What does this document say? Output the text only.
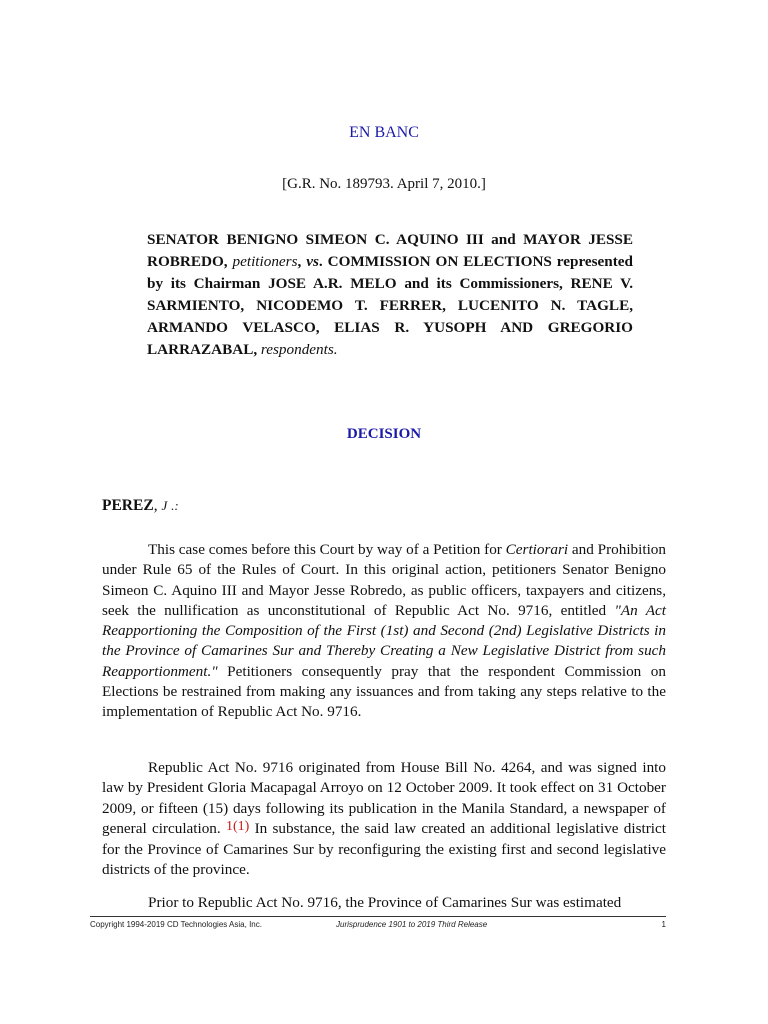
EN BANC
[G.R. No. 189793. April 7, 2010.]
SENATOR BENIGNO SIMEON C. AQUINO III and MAYOR JESSE ROBREDO, petitioners, vs. COMMISSION ON ELECTIONS represented by its Chairman JOSE A.R. MELO and its Commissioners, RENE V. SARMIENTO, NICODEMO T. FERRER, LUCENITO N. TAGLE, ARMANDO VELASCO, ELIAS R. YUSOPH AND GREGORIO LARRAZABAL, respondents.
DECISION
PEREZ, J .:

This case comes before this Court by way of a Petition for Certiorari and Prohibition under Rule 65 of the Rules of Court. In this original action, petitioners Senator Benigno Simeon C. Aquino III and Mayor Jesse Robredo, as public officers, taxpayers and citizens, seek the nullification as unconstitutional of Republic Act No. 9716, entitled "An Act Reapportioning the Composition of the First (1st) and Second (2nd) Legislative Districts in the Province of Camarines Sur and Thereby Creating a New Legislative District from such Reapportionment." Petitioners consequently pray that the respondent Commission on Elections be restrained from making any issuances and from taking any steps relative to the implementation of Republic Act No. 9716.

Republic Act No. 9716 originated from House Bill No. 4264, and was signed into law by President Gloria Macapagal Arroyo on 12 October 2009. It took effect on 31 October 2009, or fifteen (15) days following its publication in the Manila Standard, a newspaper of general circulation. 1(1) In substance, the said law created an additional legislative district for the Province of Camarines Sur by reconfiguring the existing first and second legislative districts of the province.

Prior to Republic Act No. 9716, the Province of Camarines Sur was estimated

Copyright 1994-2019 CD Technologies Asia, Inc.	Jurisprudence 1901 to 2019 Third Release	1
